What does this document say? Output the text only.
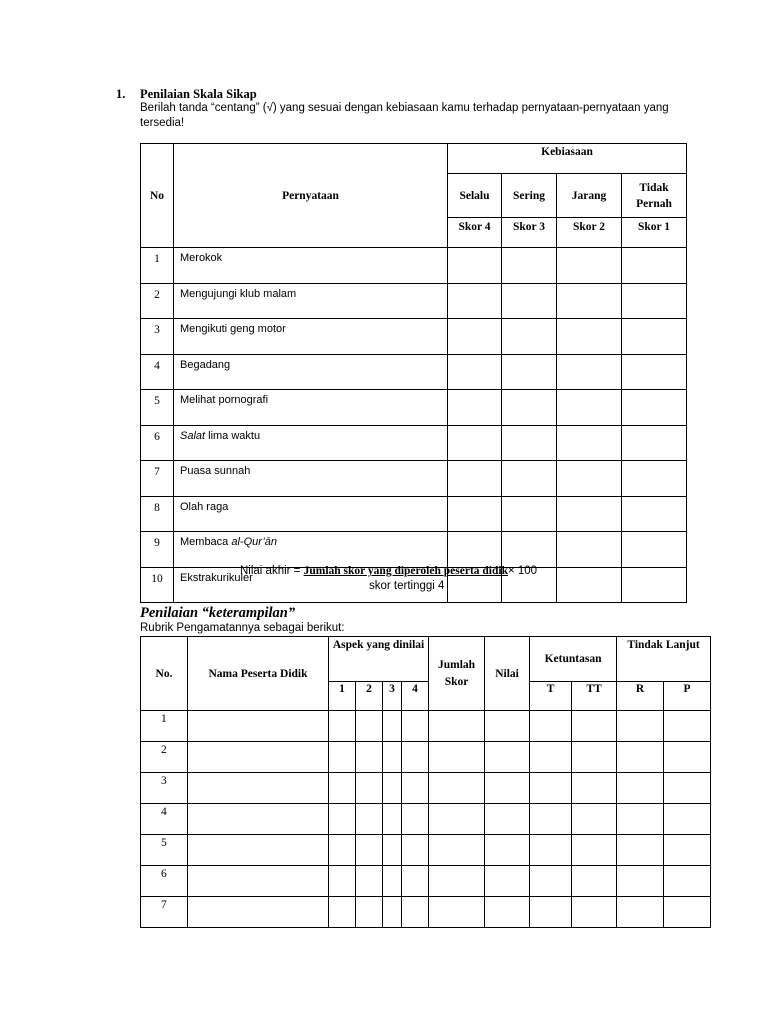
1. Penilaian Skala Sikap
Berilah tanda “centang” (√) yang sesuai dengan kebiasaan kamu terhadap pernyataan-pernyataan yang
tersedia!
No	Pernyataan	Kebiasaan			
		Selalu	Sering	Jarang	Tidak Pernah
		Skor 4	Skor 3	Skor 2	Skor 1
1	Merokok				
2	Mengujungi klub malam				
3	Mengikuti geng motor				
4	Begadang				
5	Melihat pornografi				
6	Salat lima waktu				
7	Puasa sunnah				
8	Olah raga				
9	Membaca al-Qur’ān				
10	Ekstrakurikuler				
Nilai akhir = Jumlah skor yang diperoleh peserta didik× 100
skor tertinggi 4
Penilaian “keterampilan”
Rubrik Pengamatannya sebagai berikut:
No.	Nama Peserta Didik	Aspek yang dinilai				Jumlah Skor	Nilai	Ketuntasan		Tindak Lanjut	
		1	2	3	4			T	TT	R	P
1											
2											
3											
4											
5											
6											
7											
